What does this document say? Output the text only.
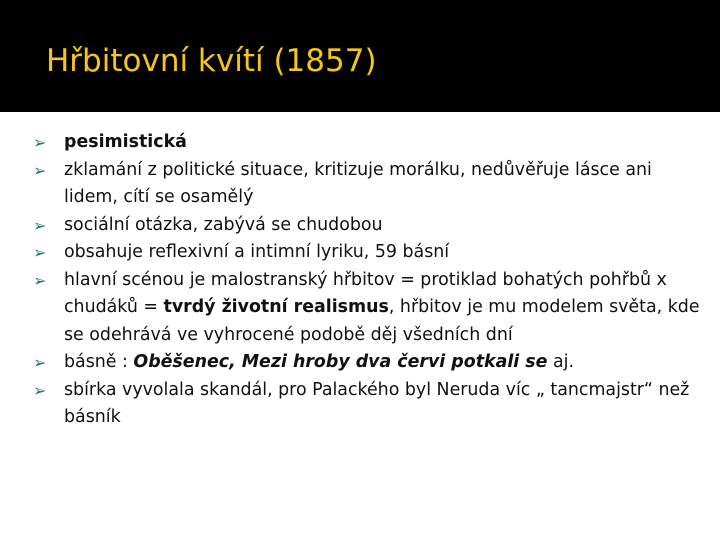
Hřbitovní kvítí (1857)
➢ pesimistická
➢ zklamání z politické situace, kritizuje morálku, nedůvěřuje lásce ani lidem, cítí se osamělý
➢ sociální otázka, zabývá se chudobou
➢ obsahuje reflexivní a intimní lyriku, 59 básní
➢ hlavní scénou je malostranský hřbitov = protiklad bohatých pohřbů x chudáků = tvrdý životní realismus, hřbitov je mu modelem světa, kde se odehrává ve vyhrocené podobě děj všedních dní
➢ básně : Oběšenec, Mezi hroby dva červi potkali se aj.
➢ sbírka vyvolala skandál, pro Palackého byl Neruda víc „ tancmajstr“ než básník
